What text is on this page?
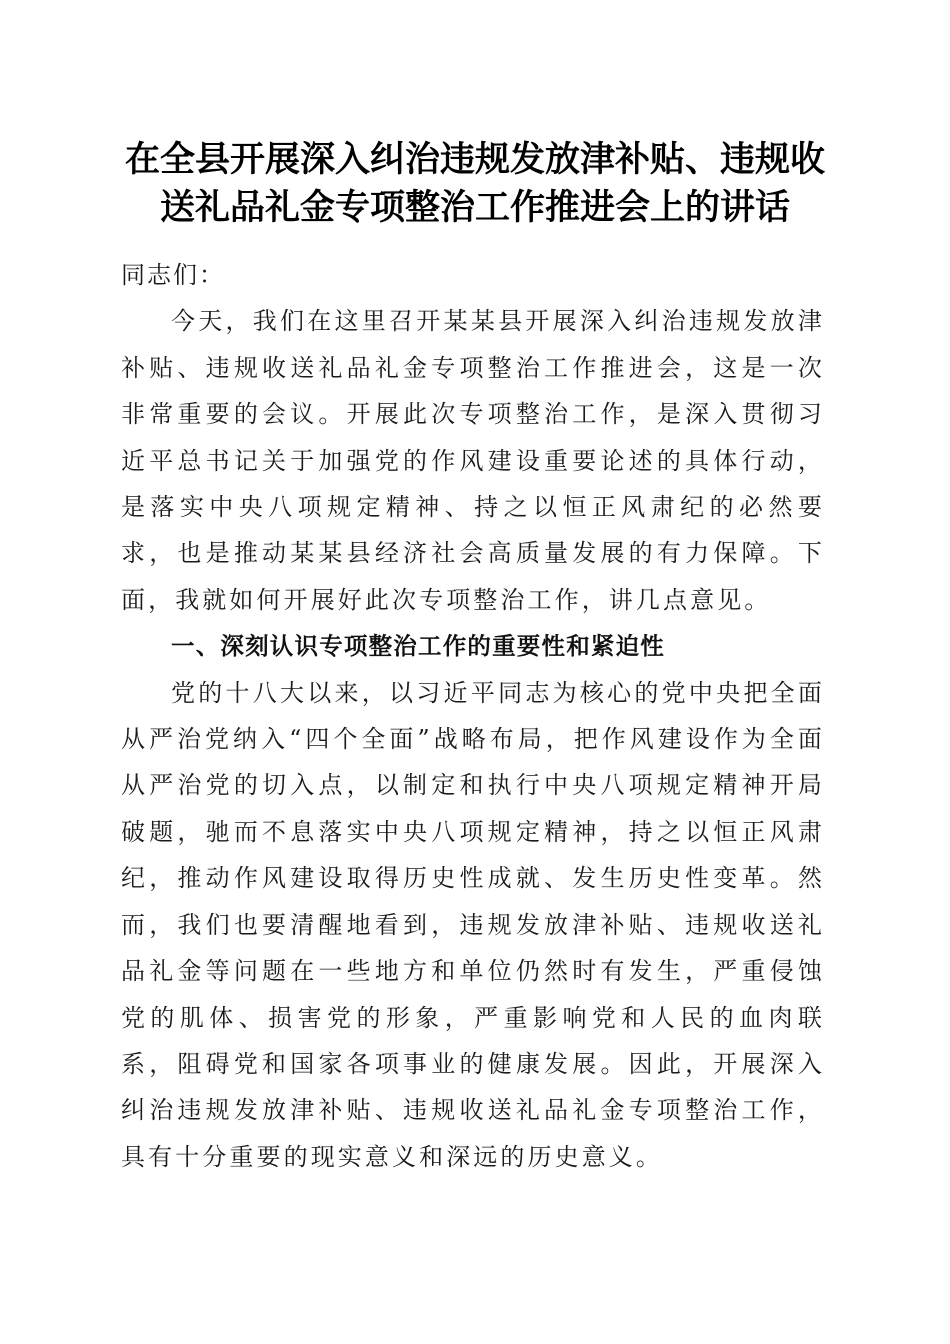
在全县开展深入纠治违规发放津补贴、违规收
送礼品礼金专项整治工作推进会上的讲话

同志们：

今天，我们在这里召开某某县开展深入纠治违规发放津补贴、违规收送礼品礼金专项整治工作推进会，这是一次非常重要的会议。开展此次专项整治工作，是深入贯彻习近平总书记关于加强党的作风建设重要论述的具体行动，是落实中央八项规定精神、持之以恒正风肃纪的必然要求，也是推动某某县经济社会高质量发展的有力保障。下面，我就如何开展好此次专项整治工作，讲几点意见。

一、深刻认识专项整治工作的重要性和紧迫性

党的十八大以来，以习近平同志为核心的党中央把全面从严治党纳入“四个全面”战略布局，把作风建设作为全面从严治党的切入点，以制定和执行中央八项规定精神开局破题，驰而不息落实中央八项规定精神，持之以恒正风肃纪，推动作风建设取得历史性成就、发生历史性变革。然而，我们也要清醒地看到，违规发放津补贴、违规收送礼品礼金等问题在一些地方和单位仍然时有发生，严重侵蚀党的肌体、损害党的形象，严重影响党和人民的血肉联系，阻碍党和国家各项事业的健康发展。因此，开展深入纠治违规发放津补贴、违规收送礼品礼金专项整治工作，具有十分重要的现实意义和深远的历史意义。
